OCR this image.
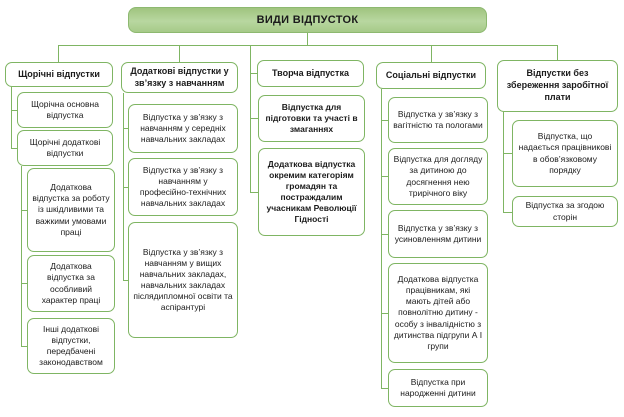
ВИДИ ВІДПУСТОК
Щорічні відпустки
Щорічна основна відпустка
Щорічні додаткові відпустки
Додаткова відпустка за роботу із шкідливими та важкими умовами праці
Додаткова відпустка за особливий характер праці
Інші додаткові відпустки, передбачені законодавством
Додаткові відпустки у зв’язку з навчанням
Відпустка у зв’язку з навчанням у середніх навчальних закладах
Відпустка у зв’язку з навчанням у професійно-технічних навчальних закладах
Відпустка у зв’язку з навчанням у вищих навчальних закладах, навчальних закладах післядипломної освіти та аспірантурі
Творча відпустка
Відпустка для підготовки та участі в змаганнях
Додаткова відпустка окремим категоріям громадян та постраждалим учасникам Революції Гідності
Соціальні відпустки
Відпустка у зв’язку з вагітністю та пологами
Відпустка для догляду за дитиною до досягнення нею трирічного віку
Відпустка у зв’язку з усиновленням дитини
Додаткова відпустка працівникам, які мають дітей або повнолітню дитину - особу з інвалідністю з дитинства підгрупи А І групи
Відпустка при народженні дитини
Відпустки без збереження заробітної плати
Відпустка, що надається працівникові в обов’язковому порядку
Відпустка за згодою сторін
